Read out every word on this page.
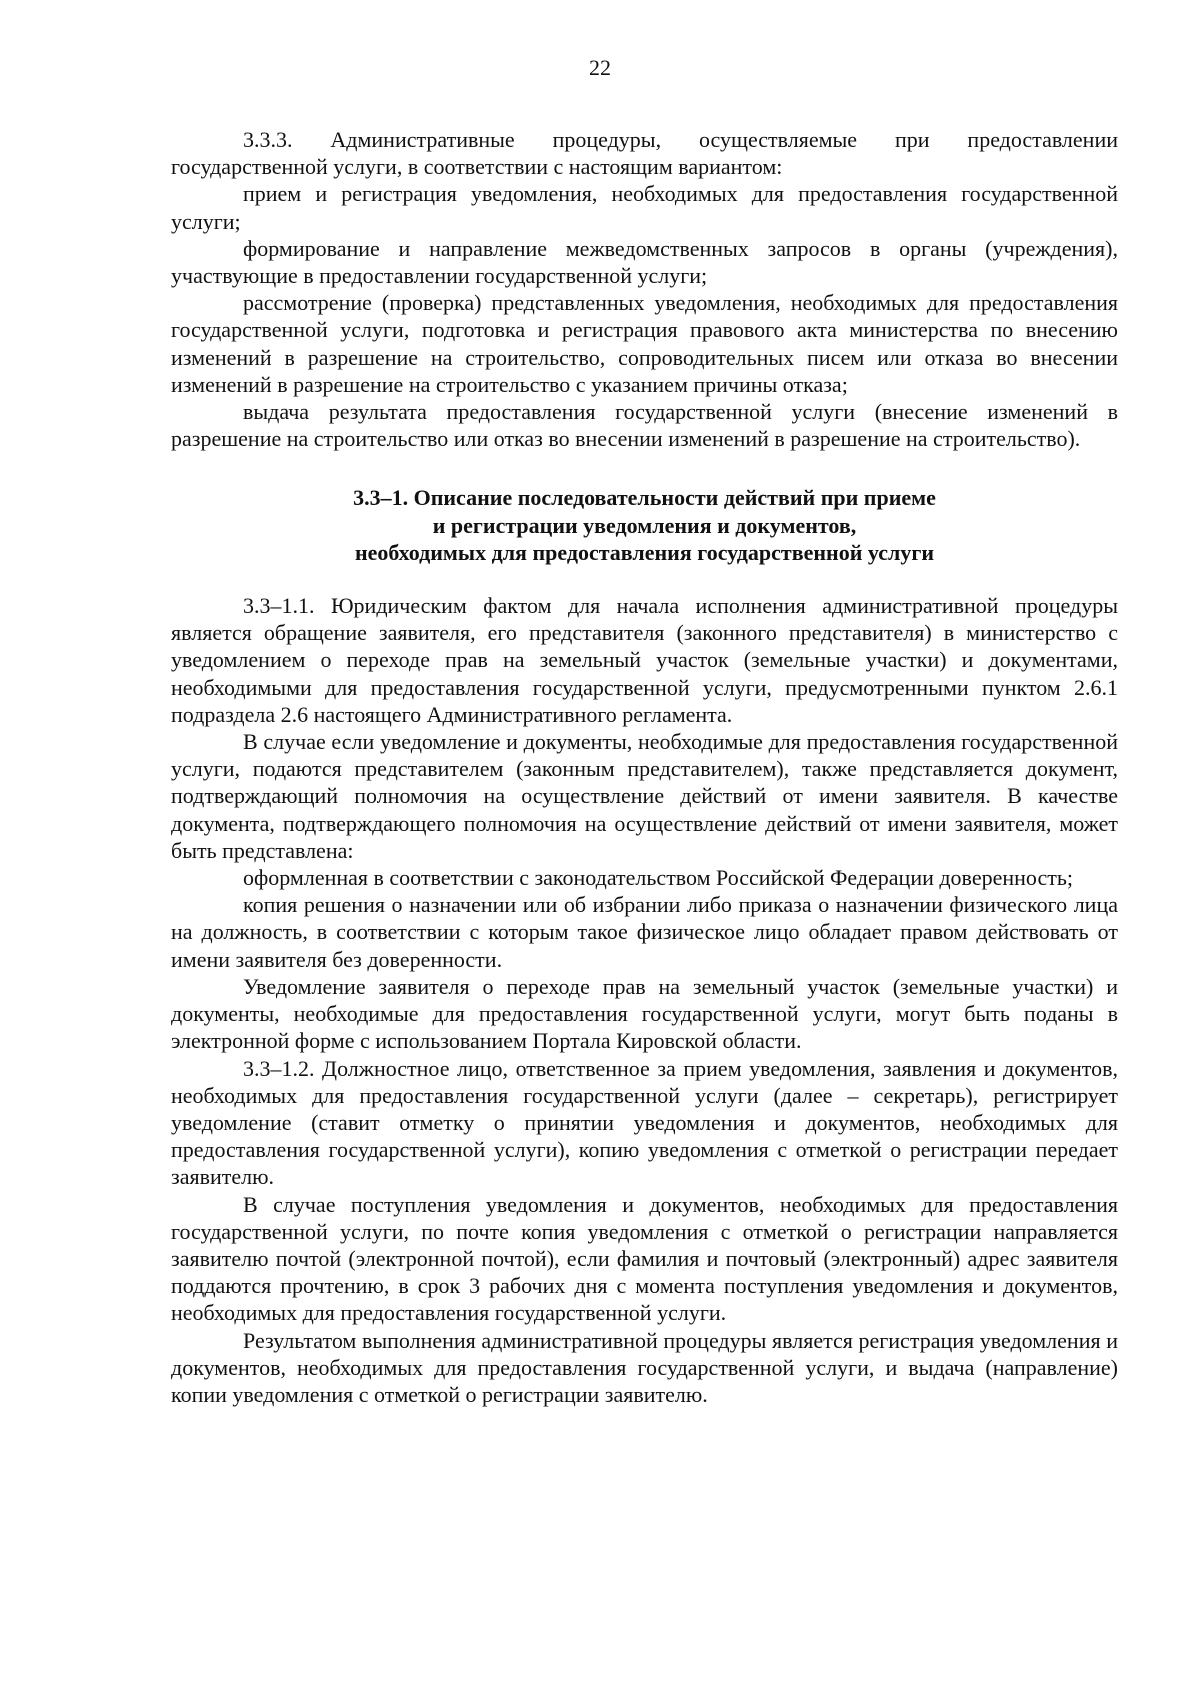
22

3.3.3. Административные процедуры, осуществляемые при предоставлении государственной услуги, в соответствии с настоящим вариантом:

прием и регистрация уведомления, необходимых для предоставления государственной услуги;

формирование и направление межведомственных запросов в органы (учреждения), участвующие в предоставлении государственной услуги;

рассмотрение (проверка) представленных уведомления, необходимых для предоставления государственной услуги, подготовка и регистрация правового акта министерства по внесению изменений в разрешение на строительство, сопроводительных писем или отказа во внесении изменений в разрешение на строительство с указанием причины отказа;

выдача результата предоставления государственной услуги (внесение изменений в разрешение на строительство или отказ во внесении изменений в разрешение на строительство).

3.3–1. Описание последовательности действий при приеме
и регистрации уведомления и документов,
необходимых для предоставления государственной услуги

3.3–1.1. Юридическим фактом для начала исполнения административной процедуры является обращение заявителя, его представителя (законного представителя) в министерство с уведомлением о переходе прав на земельный участок (земельные участки) и документами, необходимыми для предоставления государственной услуги, предусмотренными пунктом 2.6.1 подраздела 2.6 настоящего Административного регламента.

В случае если уведомление и документы, необходимые для предоставления государственной услуги, подаются представителем (законным представителем), также представляется документ, подтверждающий полномочия на осуществление действий от имени заявителя. В качестве документа, подтверждающего полномочия на осуществление действий от имени заявителя, может быть представлена:

оформленная в соответствии с законодательством Российской Федерации доверенность;

копия решения о назначении или об избрании либо приказа о назначении физического лица на должность, в соответствии с которым такое физическое лицо обладает правом действовать от имени заявителя без доверенности.

Уведомление заявителя о переходе прав на земельный участок (земельные участки) и документы, необходимые для предоставления государственной услуги, могут быть поданы в электронной форме с использованием Портала Кировской области.

3.3–1.2. Должностное лицо, ответственное за прием уведомления, заявления и документов, необходимых для предоставления государственной услуги (далее – секретарь), регистрирует уведомление (ставит отметку о принятии уведомления и документов, необходимых для предоставления государственной услуги), копию уведомления с отметкой о регистрации передает заявителю.

В случае поступления уведомления и документов, необходимых для предоставления государственной услуги, по почте копия уведомления с отметкой о регистрации направляется заявителю почтой (электронной почтой), если фамилия и почтовый (электронный) адрес заявителя поддаются прочтению, в срок 3 рабочих дня с момента поступления уведомления и документов, необходимых для предоставления государственной услуги.

Результатом выполнения административной процедуры является регистрация уведомления и документов, необходимых для предоставления государственной услуги, и выдача (направление) копии уведомления с отметкой о регистрации заявителю.
